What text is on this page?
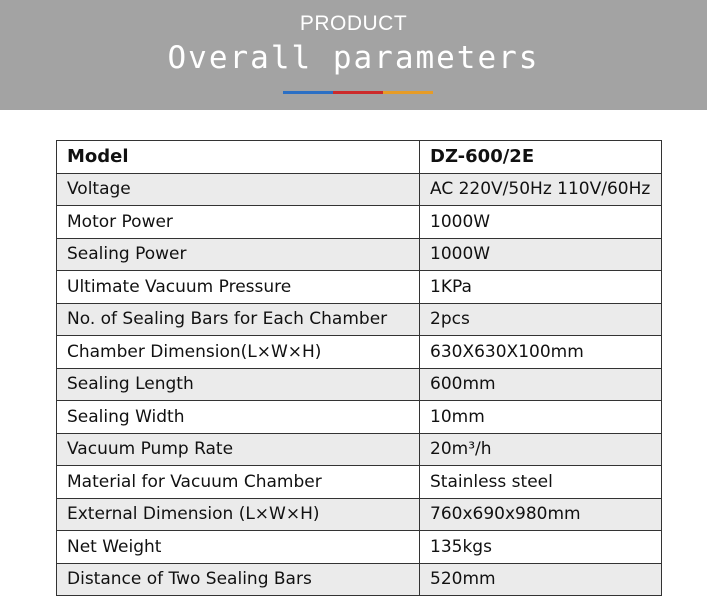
PRODUCT
Overall parameters
Model	DZ-600/2E
Voltage	AC 220V/50Hz 110V/60Hz
Motor Power	1000W
Sealing Power	1000W
Ultimate Vacuum Pressure	1KPa
No. of Sealing Bars for Each Chamber	2pcs
Chamber Dimension(L×W×H)	630X630X100mm
Sealing Length	600mm
Sealing Width	10mm
Vacuum Pump Rate	20m³/h
Material for Vacuum Chamber	Stainless steel
External Dimension (L×W×H)	760x690x980mm
Net Weight	135kgs
Distance of Two Sealing Bars	520mm
